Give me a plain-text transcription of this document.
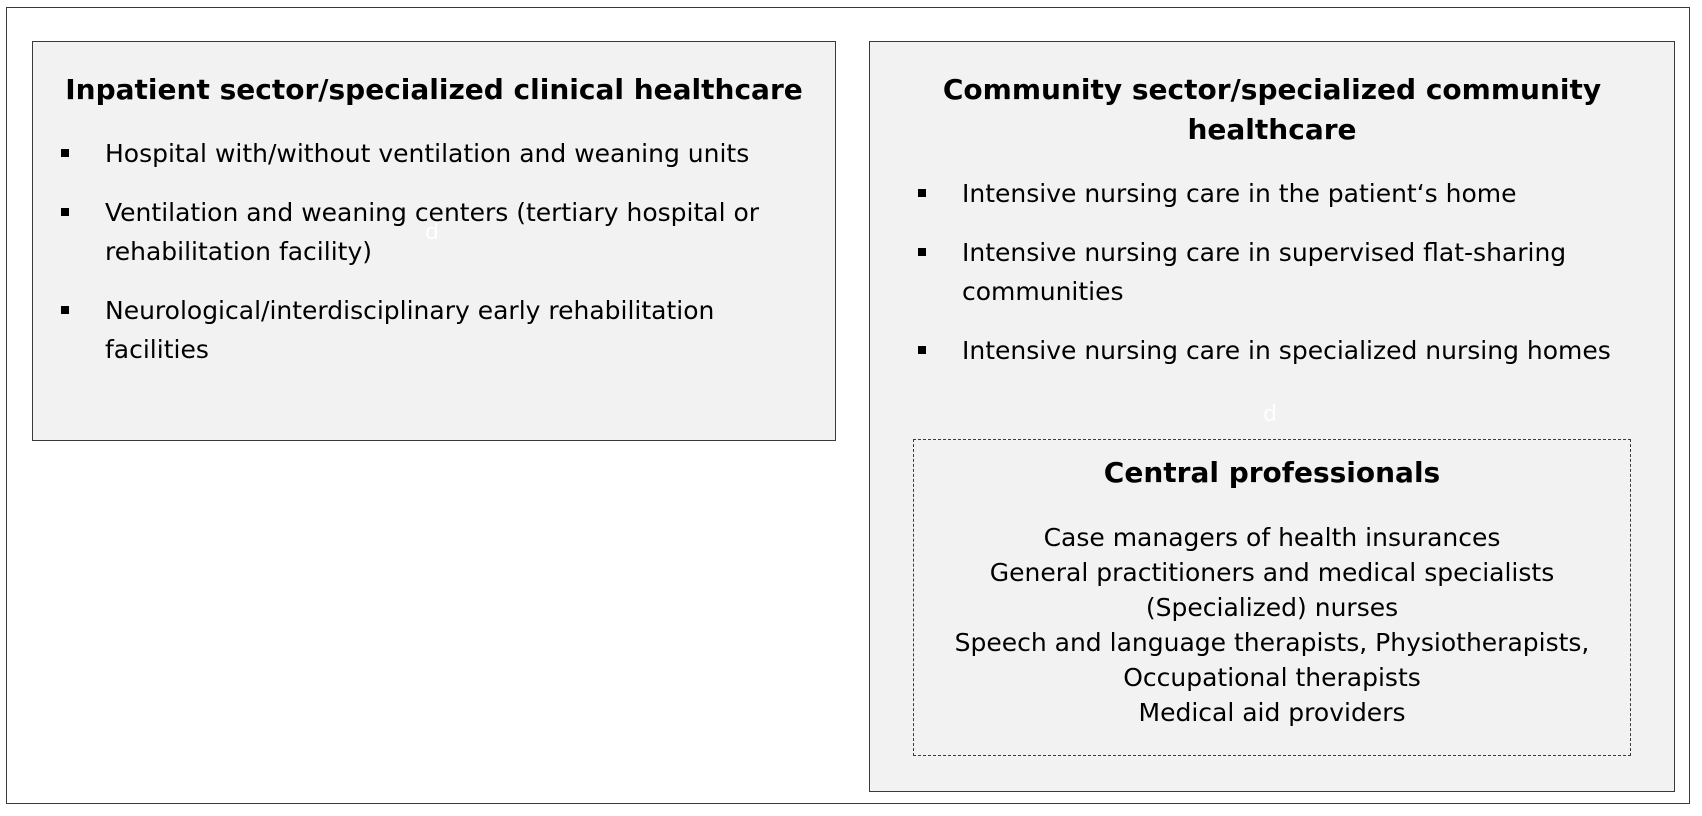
Inpatient sector/specialized clinical healthcare
Hospital with/without ventilation and weaning units
Ventilation and weaning centers (tertiary hospital or rehabilitation facility)
Neurological/interdisciplinary early rehabilitation facilities
d
Community sector/specialized community healthcare
Intensive nursing care in the patient‘s home
Intensive nursing care in supervised flat-sharing communities
Intensive nursing care in specialized nursing homes
d
Central professionals
Case managers of health insurances
General practitioners and medical specialists
(Specialized) nurses
Speech and language therapists, Physiotherapists,
Occupational therapists
Medical aid providers
